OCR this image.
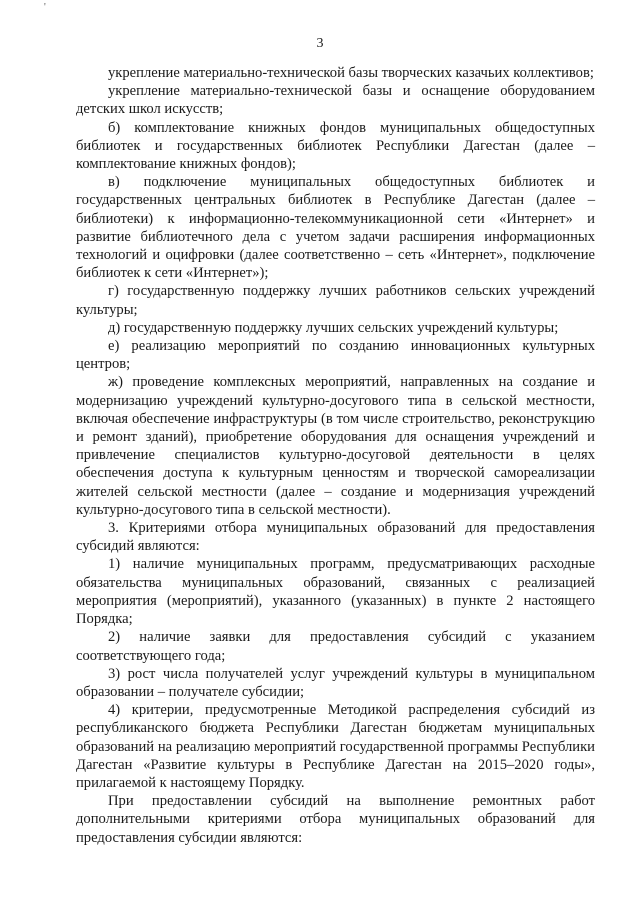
'
3

укрепление материально-технической базы творческих казачьих коллективов;

укрепление материально-технической базы и оснащение оборудованием детских школ искусств;

б) комплектование книжных фондов муниципальных общедоступных библиотек и государственных библиотек Республики Дагестан (далее – комплектование книжных фондов);

в) подключение муниципальных общедоступных библиотек и государственных центральных библиотек в Республике Дагестан (далее – библиотеки) к информационно-телекоммуникационной сети «Интернет» и развитие библиотечного дела с учетом задачи расширения информационных технологий и оцифровки (далее соответственно – сеть «Интернет», подключение библиотек к сети «Интернет»);

г) государственную поддержку лучших работников сельских учреждений культуры;

д) государственную поддержку лучших сельских учреждений культуры;

е) реализацию мероприятий по созданию инновационных культурных центров;

ж) проведение комплексных мероприятий, направленных на создание и модернизацию учреждений культурно-досугового типа в сельской местности, включая обеспечение инфраструктуры (в том числе строительство, реконструкцию и ремонт зданий), приобретение оборудования для оснащения учреждений и привлечение специалистов культурно-досуговой деятельности в целях обеспечения доступа к культурным ценностям и творческой самореализации жителей сельской местности (далее – создание и модернизация учреждений культурно-досугового типа в сельской местности).

3. Критериями отбора муниципальных образований для предоставления субсидий являются:

1) наличие муниципальных программ, предусматривающих расходные обязательства муниципальных образований, связанных с реализацией мероприятия (мероприятий), указанного (указанных) в пункте 2 настоящего Порядка;

2) наличие заявки для предоставления субсидий с указанием соответствующего года;

3) рост числа получателей услуг учреждений культуры в муниципальном образовании – получателе субсидии;

4) критерии, предусмотренные Методикой распределения субсидий из республиканского бюджета Республики Дагестан бюджетам муниципальных образований на реализацию мероприятий государственной программы Республики Дагестан «Развитие культуры в Республике Дагестан на 2015–2020 годы», прилагаемой к настоящему Порядку.

При предоставлении субсидий на выполнение ремонтных работ дополнительными критериями отбора муниципальных образований для предоставления субсидии являются:
